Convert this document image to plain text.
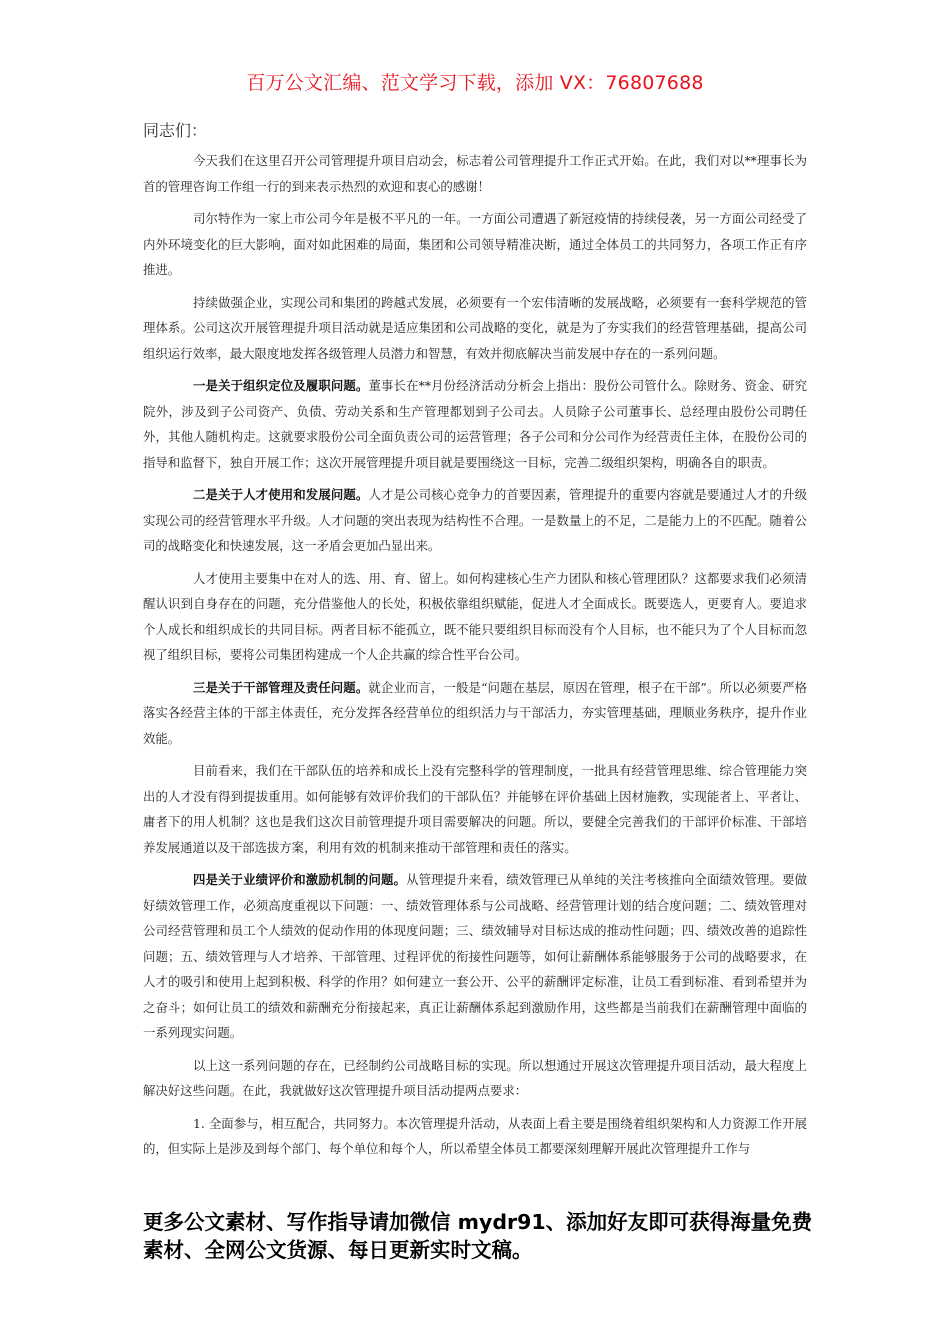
百万公文汇编、范文学习下载，添加 VX：76807688
同志们：

今天我们在这里召开公司管理提升项目启动会，标志着公司管理提升工作正式开始。在此，我们对以**理事长为首的管理咨询工作组一行的到来表示热烈的欢迎和衷心的感谢！

司尔特作为一家上市公司今年是极不平凡的一年。一方面公司遭遇了新冠疫情的持续侵袭，另一方面公司经受了内外环境变化的巨大影响，面对如此困难的局面，集团和公司领导精准决断，通过全体员工的共同努力，各项工作正有序推进。

持续做强企业，实现公司和集团的跨越式发展，必须要有一个宏伟清晰的发展战略，必须要有一套科学规范的管理体系。公司这次开展管理提升项目活动就是适应集团和公司战略的变化，就是为了夯实我们的经营管理基础，提高公司组织运行效率，最大限度地发挥各级管理人员潜力和智慧，有效并彻底解决当前发展中存在的一系列问题。

一是关于组织定位及履职问题。董事长在**月份经济活动分析会上指出：股份公司管什么。除财务、资金、研究院外，涉及到子公司资产、负债、劳动关系和生产管理都划到子公司去。人员除子公司董事长、总经理由股份公司聘任外，其他人随机构走。这就要求股份公司全面负责公司的运营管理；各子公司和分公司作为经营责任主体，在股份公司的指导和监督下，独自开展工作；这次开展管理提升项目就是要围绕这一目标，完善二级组织架构，明确各自的职责。

二是关于人才使用和发展问题。人才是公司核心竞争力的首要因素，管理提升的重要内容就是要通过人才的升级实现公司的经营管理水平升级。人才问题的突出表现为结构性不合理。一是数量上的不足，二是能力上的不匹配。随着公司的战略变化和快速发展，这一矛盾会更加凸显出来。

人才使用主要集中在对人的选、用、育、留上。如何构建核心生产力团队和核心管理团队？这都要求我们必须清醒认识到自身存在的问题，充分借鉴他人的长处，积极依靠组织赋能，促进人才全面成长。既要选人，更要育人。要追求个人成长和组织成长的共同目标。两者目标不能孤立，既不能只要组织目标而没有个人目标，也不能只为了个人目标而忽视了组织目标，要将公司集团构建成一个人企共赢的综合性平台公司。

三是关于干部管理及责任问题。就企业而言，一般是“问题在基层，原因在管理，根子在干部”。所以必须要严格落实各经营主体的干部主体责任，充分发挥各经营单位的组织活力与干部活力，夯实管理基础，理顺业务秩序，提升作业效能。

目前看来，我们在干部队伍的培养和成长上没有完整科学的管理制度，一批具有经营管理思维、综合管理能力突出的人才没有得到提拔重用。如何能够有效评价我们的干部队伍？并能够在评价基础上因材施教，实现能者上、平者让、庸者下的用人机制？这也是我们这次目前管理提升项目需要解决的问题。所以，要健全完善我们的干部评价标准、干部培养发展通道以及干部选拔方案，利用有效的机制来推动干部管理和责任的落实。

四是关于业绩评价和激励机制的问题。从管理提升来看，绩效管理已从单纯的关注考核推向全面绩效管理。要做好绩效管理工作，必须高度重视以下问题：一、绩效管理体系与公司战略、经营管理计划的结合度问题；二、绩效管理对公司经营管理和员工个人绩效的促动作用的体现度问题；三、绩效辅导对目标达成的推动性问题；四、绩效改善的追踪性问题；五、绩效管理与人才培养、干部管理、过程评优的衔接性问题等，如何让薪酬体系能够服务于公司的战略要求，在人才的吸引和使用上起到积极、科学的作用？如何建立一套公开、公平的薪酬评定标准，让员工看到标准、看到希望并为之奋斗；如何让员工的绩效和薪酬充分衔接起来，真正让薪酬体系起到激励作用，这些都是当前我们在薪酬管理中面临的一系列现实问题。

以上这一系列问题的存在，已经制约公司战略目标的实现。所以想通过开展这次管理提升项目活动，最大程度上解决好这些问题。在此，我就做好这次管理提升项目活动提两点要求：

1. 全面参与，相互配合，共同努力。本次管理提升活动，从表面上看主要是围绕着组织架构和人力资源工作开展的，但实际上是涉及到每个部门、每个单位和每个人，所以希望全体员工都要深刻理解开展此次管理提升工作与

更多公文素材、写作指导请加微信 mydr91、添加好友即可获得海量免费素材、全网公文货源、每日更新实时文稿。
